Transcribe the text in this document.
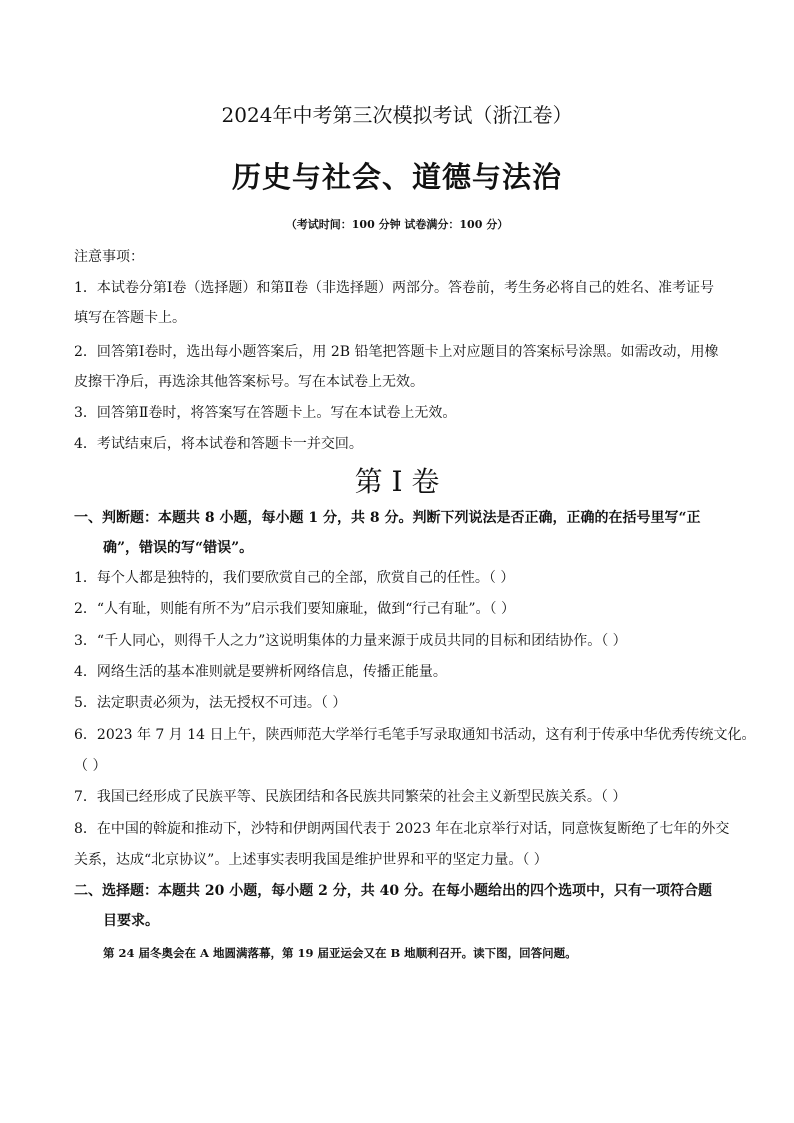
2024年中考第三次模拟考试（浙江卷）
历史与社会、道德与法治
（考试时间：100 分钟 试卷满分：100 分）
注意事项：
1．本试卷分第Ⅰ卷（选择题）和第Ⅱ卷（非选择题）两部分。答卷前，考生务必将自己的姓名、准考证号
填写在答题卡上。
2．回答第Ⅰ卷时，选出每小题答案后，用 2B 铅笔把答题卡上对应题目的答案标号涂黑。如需改动，用橡
皮擦干净后，再选涂其他答案标号。写在本试卷上无效。
3．回答第Ⅱ卷时，将答案写在答题卡上。写在本试卷上无效。
4．考试结束后，将本试卷和答题卡一并交回。
第 I 卷
一、判断题：本题共 8 小题，每小题 1 分，共 8 分。判断下列说法是否正确，正确的在括号里写“正
确”，错误的写“错误”。
1．每个人都是独特的，我们要欣赏自己的全部，欣赏自己的任性。（ ）
2．“人有耻，则能有所不为”启示我们要知廉耻，做到“行己有耻”。（ ）
3．“千人同心，则得千人之力”这说明集体的力量来源于成员共同的目标和团结协作。（ ）
4．网络生活的基本准则就是要辨析网络信息，传播正能量。
5．法定职责必须为，法无授权不可违。（ ）
6．2023 年 7 月 14 日上午，陕西师范大学举行毛笔手写录取通知书活动，这有利于传承中华优秀传统文化。
（ ）
7．我国已经形成了民族平等、民族团结和各民族共同繁荣的社会主义新型民族关系。（ ）
8．在中国的斡旋和推动下，沙特和伊朗两国代表于 2023 年在北京举行对话，同意恢复断绝了七年的外交
关系，达成“北京协议”。上述事实表明我国是维护世界和平的坚定力量。（ ）
二、选择题：本题共 20 小题，每小题 2 分，共 40 分。在每小题给出的四个选项中，只有一项符合题
目要求。
第 24 届冬奥会在 A 地圆满落幕，第 19 届亚运会又在 B 地顺利召开。读下图，回答问题。
